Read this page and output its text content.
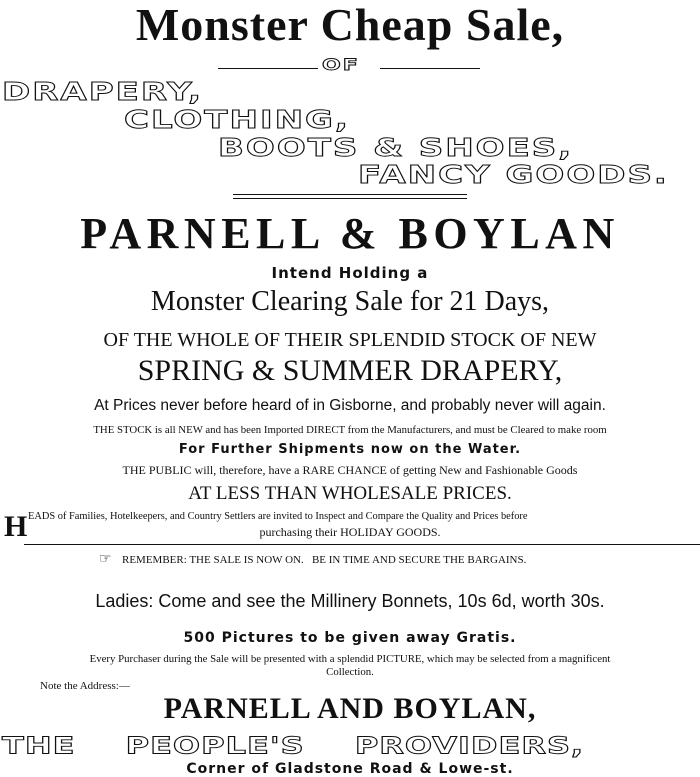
Monster Cheap Sale,
OF
DRAPERY,
CLOTHING,
BOOTS & SHOES,
FANCY GOODS.
PARNELL & BOYLAN
Intend Holding a
Monster Clearing Sale for 21 Days,
OF THE WHOLE OF THEIR SPLENDID STOCK OF NEW
SPRING & SUMMER DRAPERY,
At Prices never before heard of in Gisborne, and probably never will again.
THE STOCK is all NEW and has been Imported DIRECT from the Manufacturers, and must be Cleared to make room
For Further Shipments now on the Water.
THE PUBLIC will, therefore, have a RARE CHANCE of getting New and Fashionable Goods
AT LESS THAN WHOLESALE PRICES.
H EADS of Families, Hotelkeepers, and Country Settlers are invited to Inspect and Compare the Quality and Prices before
purchasing their HOLIDAY GOODS.
☞ REMEMBER: THE SALE IS NOW ON.   BE IN TIME AND SECURE THE BARGAINS.
Ladies: Come and see the Millinery Bonnets, 10s 6d, worth 30s.
500 Pictures to be given away Gratis.
Every Purchaser during the Sale will be presented with a splendid PICTURE, which may be selected from a magnificent
Collection.
Note the Address:—
PARNELL AND BOYLAN,
THE PEOPLE'S PROVIDERS,
Corner of Gladstone Road & Lowe-st.
